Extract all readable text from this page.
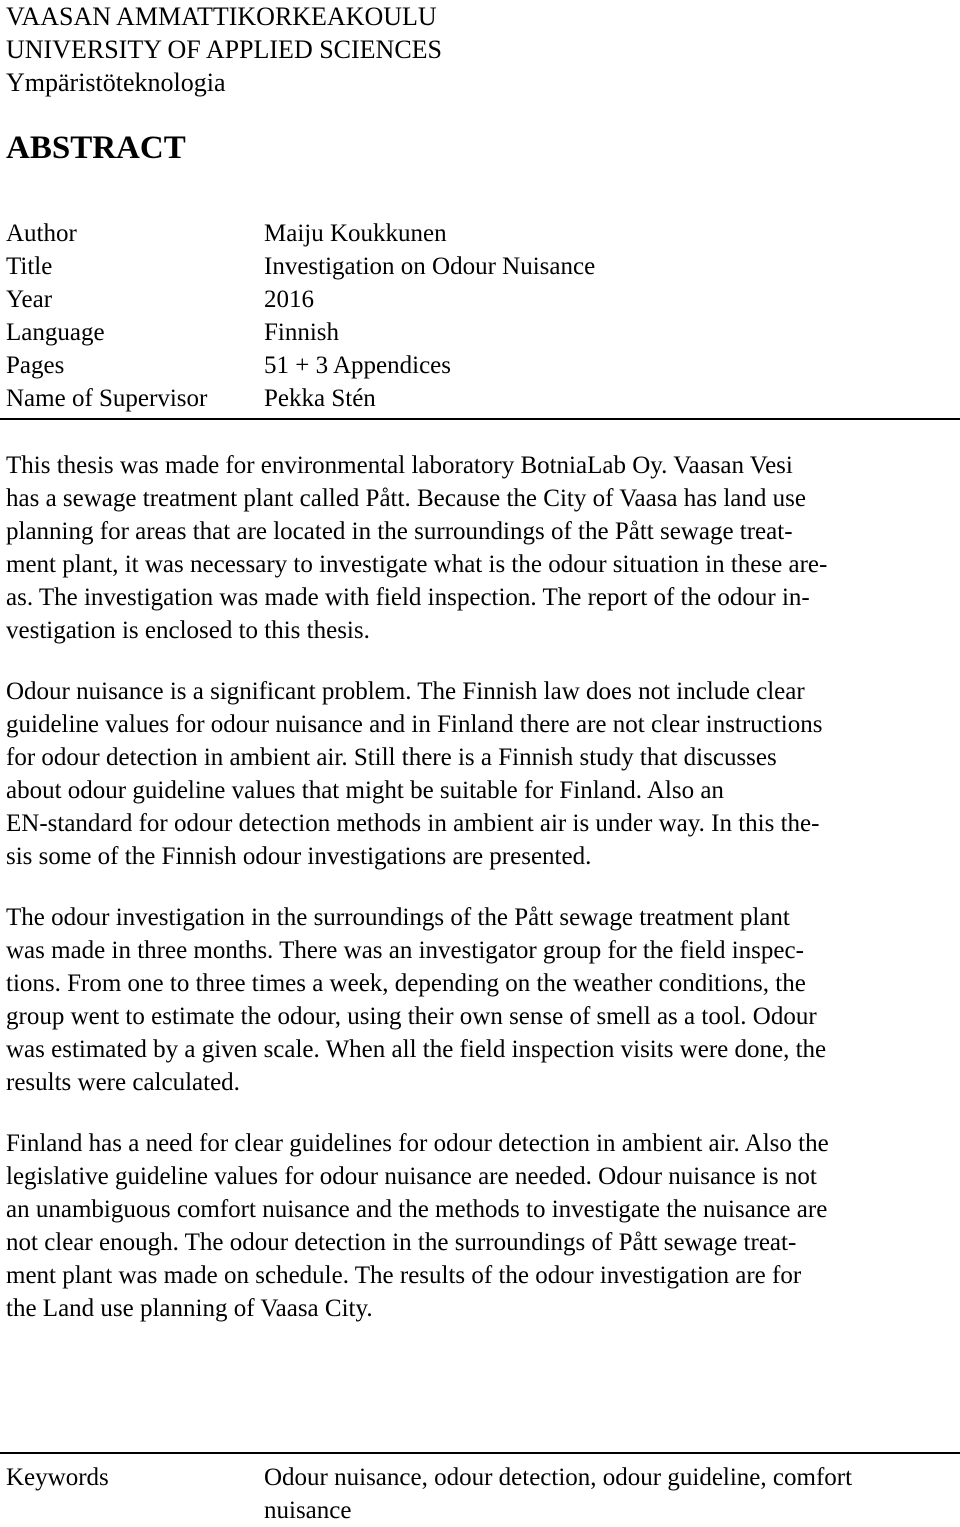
VAASAN AMMATTIKORKEAKOULU
UNIVERSITY OF APPLIED SCIENCES
Ympäristöteknologia
ABSTRACT
Author	Maiju Koukkunen
Title	Investigation on Odour Nuisance
Year	2016
Language	Finnish
Pages	51 + 3 Appendices
Name of Supervisor	Pekka Stén
This thesis was made for environmental laboratory BotniaLab Oy. Vaasan Vesi
has a sewage treatment plant called Pått. Because the City of Vaasa has land use
planning for areas that are located in the surroundings of the Pått sewage treat-
ment plant, it was necessary to investigate what is the odour situation in these are-
as. The investigation was made with field inspection. The report of the odour in-
vestigation is enclosed to this thesis.
Odour nuisance is a significant problem. The Finnish law does not include clear
guideline values for odour nuisance and in Finland there are not clear instructions
for odour detection in ambient air. Still there is a Finnish study that discusses
about odour guideline values that might be suitable for Finland. Also an
EN-standard for odour detection methods in ambient air is under way. In this the-
sis some of the Finnish odour investigations are presented.
The odour investigation in the surroundings of the Pått sewage treatment plant
was made in three months. There was an investigator group for the field inspec-
tions. From one to three times a week, depending on the weather conditions, the
group went to estimate the odour, using their own sense of smell as a tool. Odour
was estimated by a given scale. When all the field inspection visits were done, the
results were calculated.
Finland has a need for clear guidelines for odour detection in ambient air. Also the
legislative guideline values for odour nuisance are needed. Odour nuisance is not
an unambiguous comfort nuisance and the methods to investigate the nuisance are
not clear enough. The odour detection in the surroundings of Pått sewage treat-
ment plant was made on schedule. The results of the odour investigation are for
the Land use planning of Vaasa City.
Keywords	Odour nuisance, odour detection, odour guideline, comfort
nuisance
